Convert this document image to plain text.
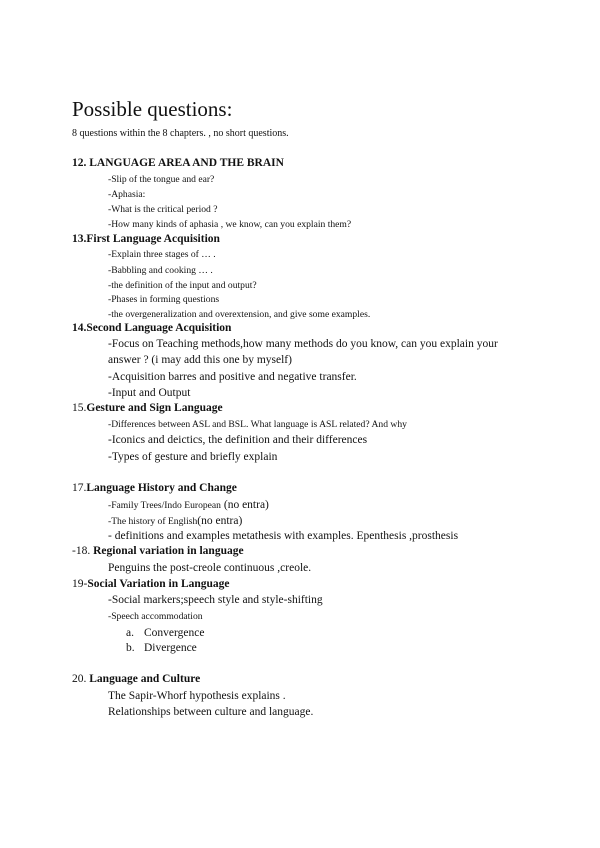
Possible questions:
8 questions within the 8 chapters. , no short questions.
12. LANGUAGE AREA AND THE BRAIN
-Slip of the tongue and ear?
-Aphasia:
-What is the critical period ?
-How many kinds of aphasia , we know, can you explain them?
13.First Language Acquisition
-Explain three stages of … .
-Babbling and cooking … .
-the definition of the input and output?
-Phases in forming questions
-the overgeneralization and overextension, and give some examples.
14.Second Language Acquisition
-Focus on Teaching methods,how many methods do you know, can you explain your
answer ? (i may add this one by myself)
-Acquisition barres and positive and negative transfer.
-Input and Output
15.Gesture and Sign Language
-Differences between ASL and BSL. What language is ASL related? And why
-Iconics and deictics, the definition and their differences
-Types of gesture and briefly explain
17.Language History and Change
-Family Trees/Indo European (no entra)
-The history of English(no entra)
- definitions and examples metathesis with examples. Epenthesis ,prosthesis
-18. Regional variation in language
Penguins the post-creole continuous ,creole.
19-Social Variation in Language
-Social markers;speech style and style-shifting
-Speech accommodation
a. Convergence
b. Divergence
20. Language and Culture
The Sapir-Whorf hypothesis explains .
Relationships between culture and language.
